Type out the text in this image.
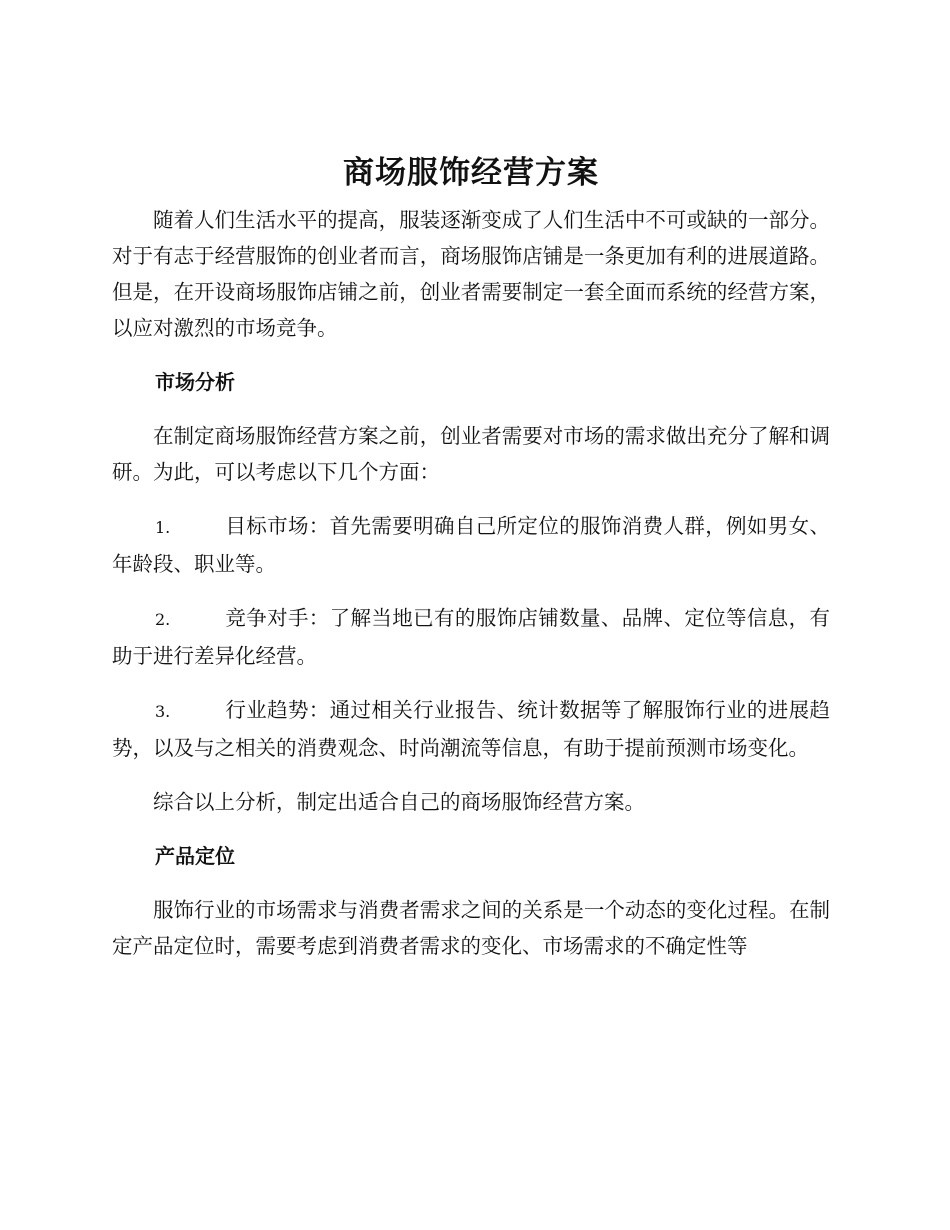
商场服饰经营方案

随着人们生活水平的提高，服装逐渐变成了人们生活中不可或缺的一部分。对于有志于经营服饰的创业者而言，商场服饰店铺是一条更加有利的进展道路。但是，在开设商场服饰店铺之前，创业者需要制定一套全面而系统的经营方案，以应对激烈的市场竞争。

市场分析

在制定商场服饰经营方案之前，创业者需要对市场的需求做出充分了解和调研。为此，可以考虑以下几个方面：

1.	目标市场：首先需要明确自己所定位的服饰消费人群，例如男女、年龄段、职业等。

2.	竞争对手：了解当地已有的服饰店铺数量、品牌、定位等信息，有助于进行差异化经营。

3.	行业趋势：通过相关行业报告、统计数据等了解服饰行业的进展趋势，以及与之相关的消费观念、时尚潮流等信息，有助于提前预测市场变化。

综合以上分析，制定出适合自己的商场服饰经营方案。

产品定位

服饰行业的市场需求与消费者需求之间的关系是一个动态的变化过程。在制定产品定位时，需要考虑到消费者需求的变化、市场需求的不确定性等
